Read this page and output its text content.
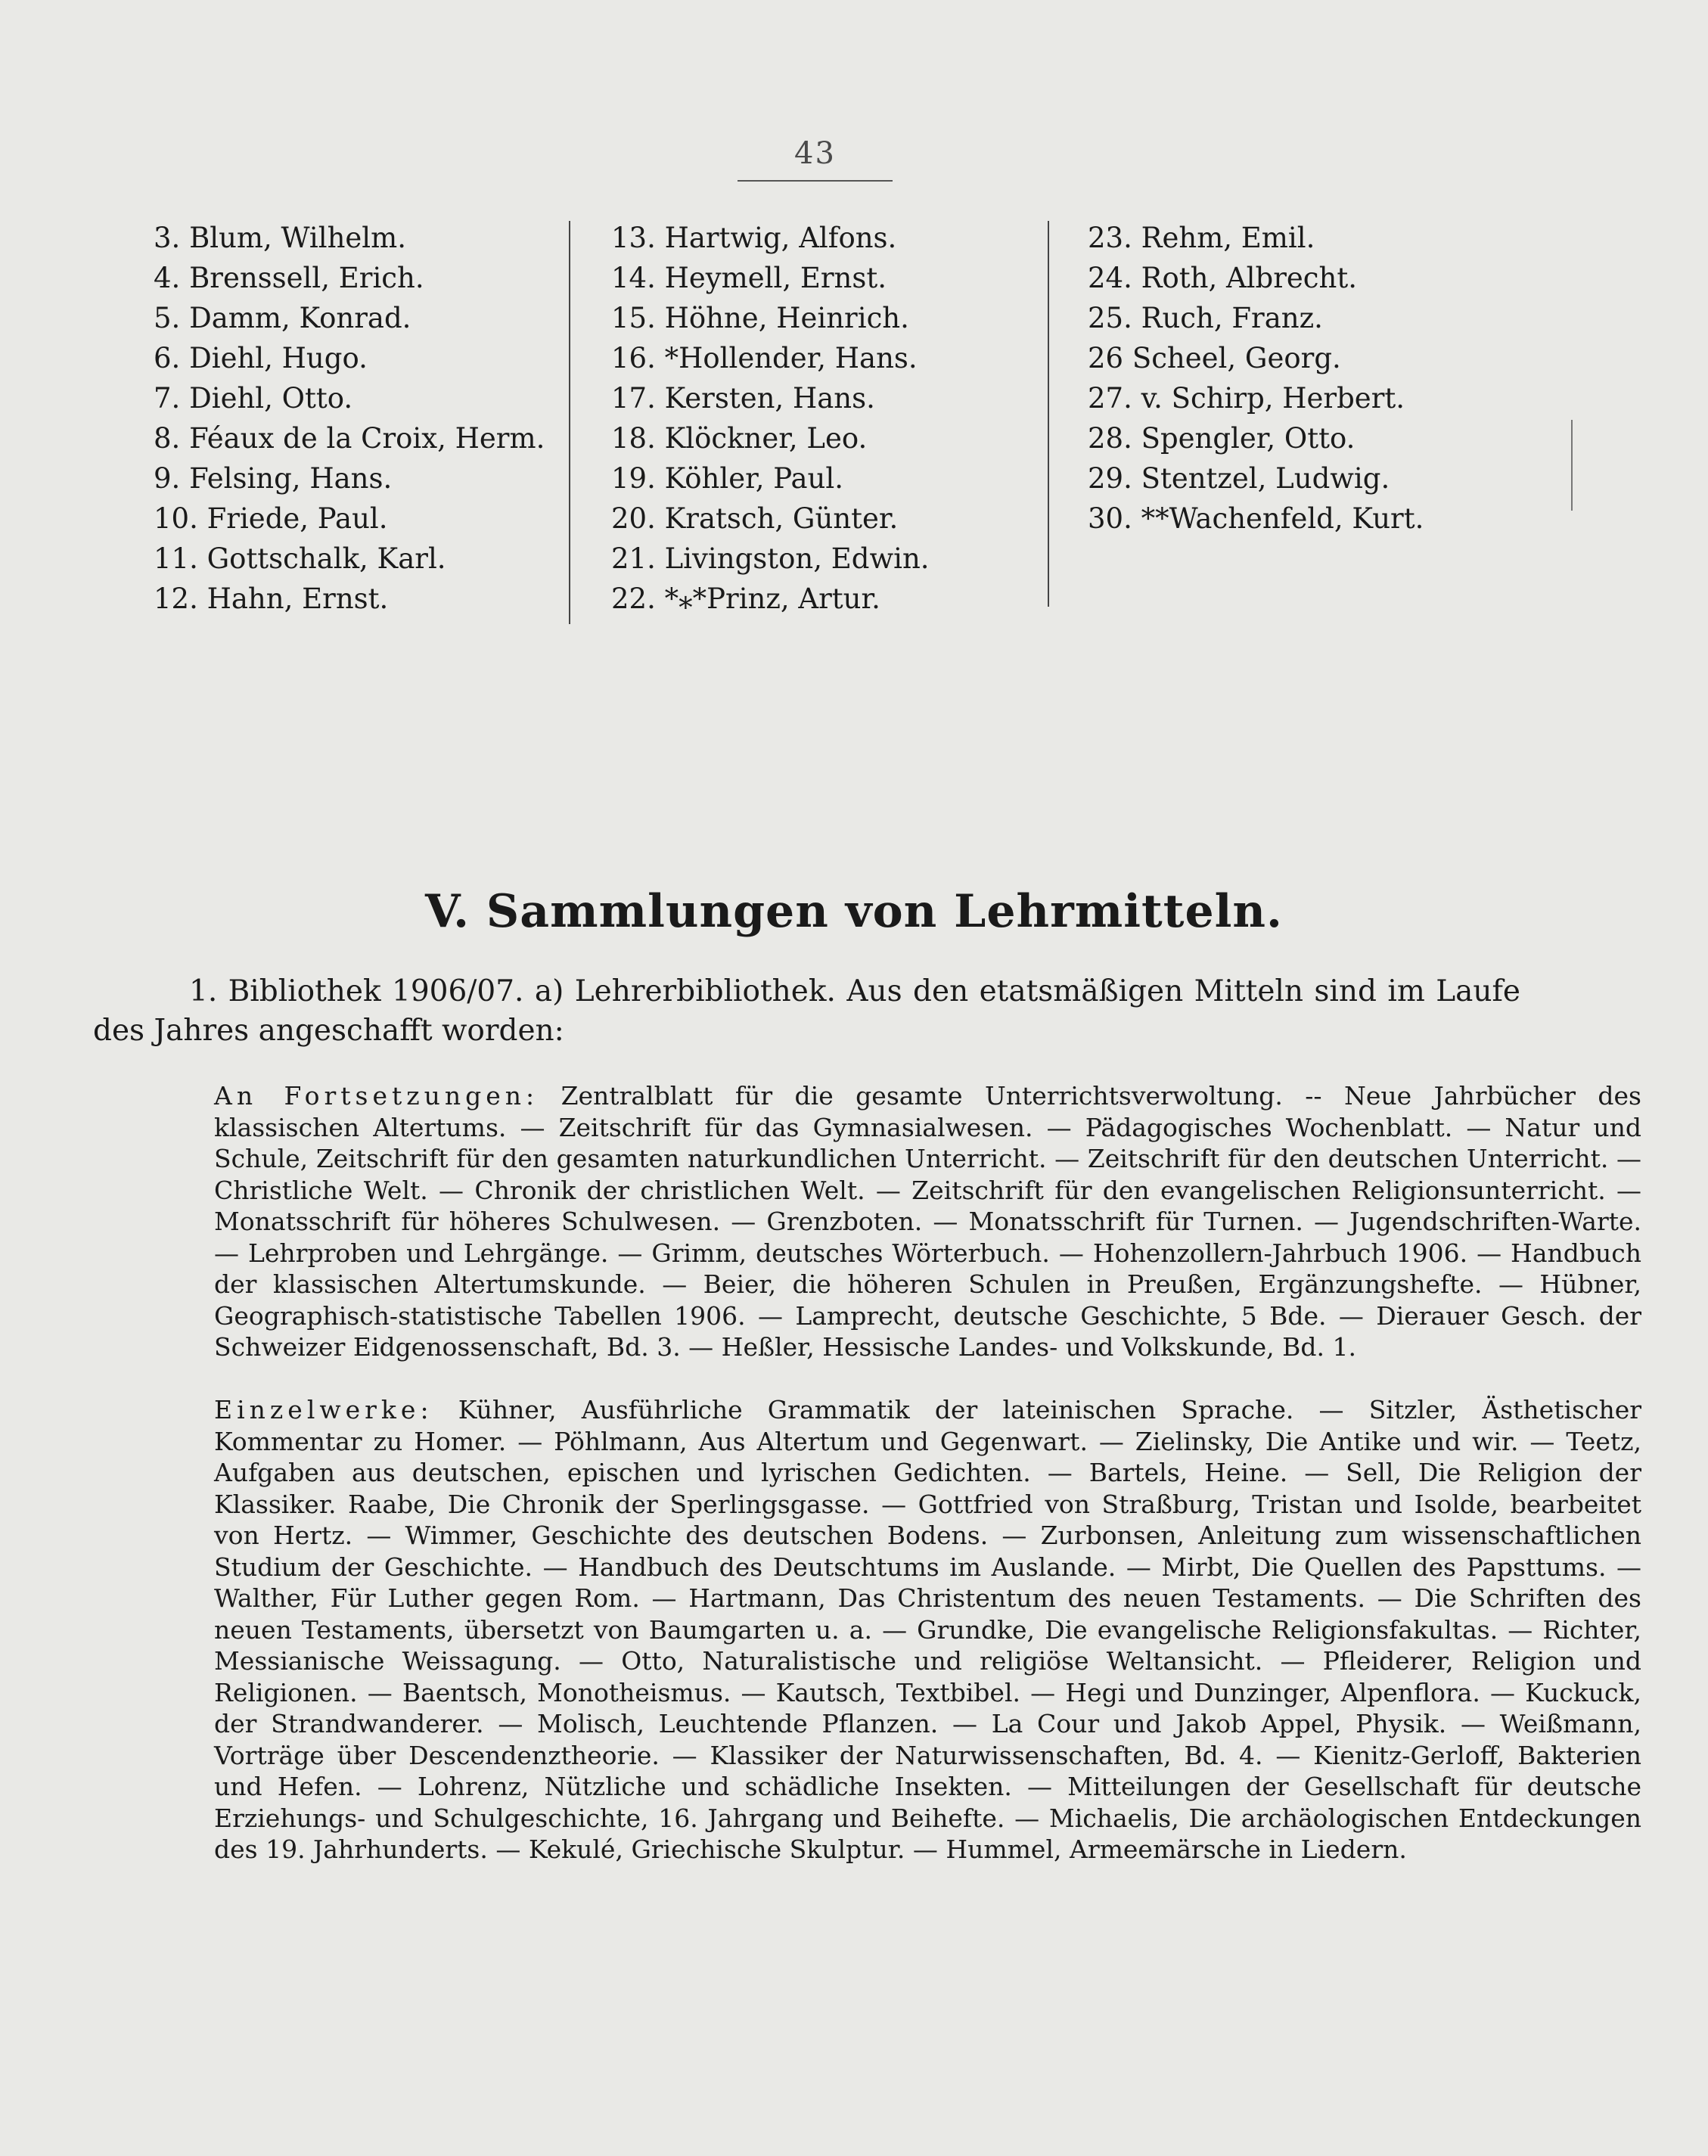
43
3. Blum, Wilhelm.
4. Brenssell, Erich.
5. Damm, Konrad.
6. Diehl, Hugo.
7. Diehl, Otto.
8. Féaux de la Croix, Herm.
9. Felsing, Hans.
10. Friede, Paul.
11. Gottschalk, Karl.
12. Hahn, Ernst.
13. Hartwig, Alfons.
14. Heymell, Ernst.
15. Höhne, Heinrich.
16. *Hollender, Hans.
17. Kersten, Hans.
18. Klöckner, Leo.
19. Köhler, Paul.
20. Kratsch, Günter.
21. Livingston, Edwin.
22. *⁎*Prinz, Artur.
23. Rehm, Emil.
24. Roth, Albrecht.
25. Ruch, Franz.
26 Scheel, Georg.
27. v. Schirp, Herbert.
28. Spengler, Otto.
29. Stentzel, Ludwig.
30. **Wachenfeld, Kurt.
V. Sammlungen von Lehrmitteln.
1. Bibliothek 1906/07. a) Lehrerbibliothek. Aus den etatsmäßigen Mitteln sind im Laufe des Jahres angeschafft worden:
An Fortsetzungen: Zentralblatt für die gesamte Unterrichtsverwoltung. -- Neue Jahrbücher des klassischen Altertums. — Zeitschrift für das Gymnasialwesen. — Pädagogisches Wochenblatt. — Natur und Schule, Zeitschrift für den gesamten naturkundlichen Unterricht. — Zeitschrift für den deutschen Unterricht. — Christliche Welt. — Chronik der christlichen Welt. — Zeitschrift für den evangelischen Religionsunterricht. — Monatsschrift für höheres Schulwesen. — Grenzboten. — Monatsschrift für Turnen. — Jugendschriften-Warte. — Lehrproben und Lehrgänge. — Grimm, deutsches Wörterbuch. — Hohenzollern-Jahrbuch 1906. — Handbuch der klassischen Altertumskunde. — Beier, die höheren Schulen in Preußen, Ergänzungshefte. — Hübner, Geographisch-statistische Tabellen 1906. — Lamprecht, deutsche Geschichte, 5 Bde. — Dierauer Gesch. der Schweizer Eidgenossenschaft, Bd. 3. — Heßler, Hessische Landes- und Volkskunde, Bd. 1.
Einzelwerke: Kühner, Ausführliche Grammatik der lateinischen Sprache. — Sitzler, Ästhetischer Kommentar zu Homer. — Pöhlmann, Aus Altertum und Gegenwart. — Zielinsky, Die Antike und wir. — Teetz, Aufgaben aus deutschen, epischen und lyrischen Gedichten. — Bartels, Heine. — Sell, Die Religion der Klassiker. Raabe, Die Chronik der Sperlingsgasse. — Gottfried von Straßburg, Tristan und Isolde, bearbeitet von Hertz. — Wimmer, Geschichte des deutschen Bodens. — Zurbonsen, Anleitung zum wissenschaftlichen Studium der Geschichte. — Handbuch des Deutschtums im Auslande. — Mirbt, Die Quellen des Papsttums. — Walther, Für Luther gegen Rom. — Hartmann, Das Christentum des neuen Testaments. — Die Schriften des neuen Testaments, übersetzt von Baumgarten u. a. — Grundke, Die evangelische Religionsfakultas. — Richter, Messianische Weissagung. — Otto, Naturalistische und religiöse Weltansicht. — Pfleiderer, Religion und Religionen. — Baentsch, Monotheismus. — Kautsch, Textbibel. — Hegi und Dunzinger, Alpenflora. — Kuckuck, der Strandwanderer. — Molisch, Leuchtende Pflanzen. — La Cour und Jakob Appel, Physik. — Weißmann, Vorträge über Descendenztheorie. — Klassiker der Naturwissenschaften, Bd. 4. — Kienitz-Gerloff, Bakterien und Hefen. — Lohrenz, Nützliche und schädliche Insekten. — Mitteilungen der Gesellschaft für deutsche Erziehungs- und Schulgeschichte, 16. Jahrgang und Beihefte. — Michaelis, Die archäologischen Entdeckungen des 19. Jahrhunderts. — Kekulé, Griechische Skulptur. — Hummel, Armeemärsche in Liedern.
